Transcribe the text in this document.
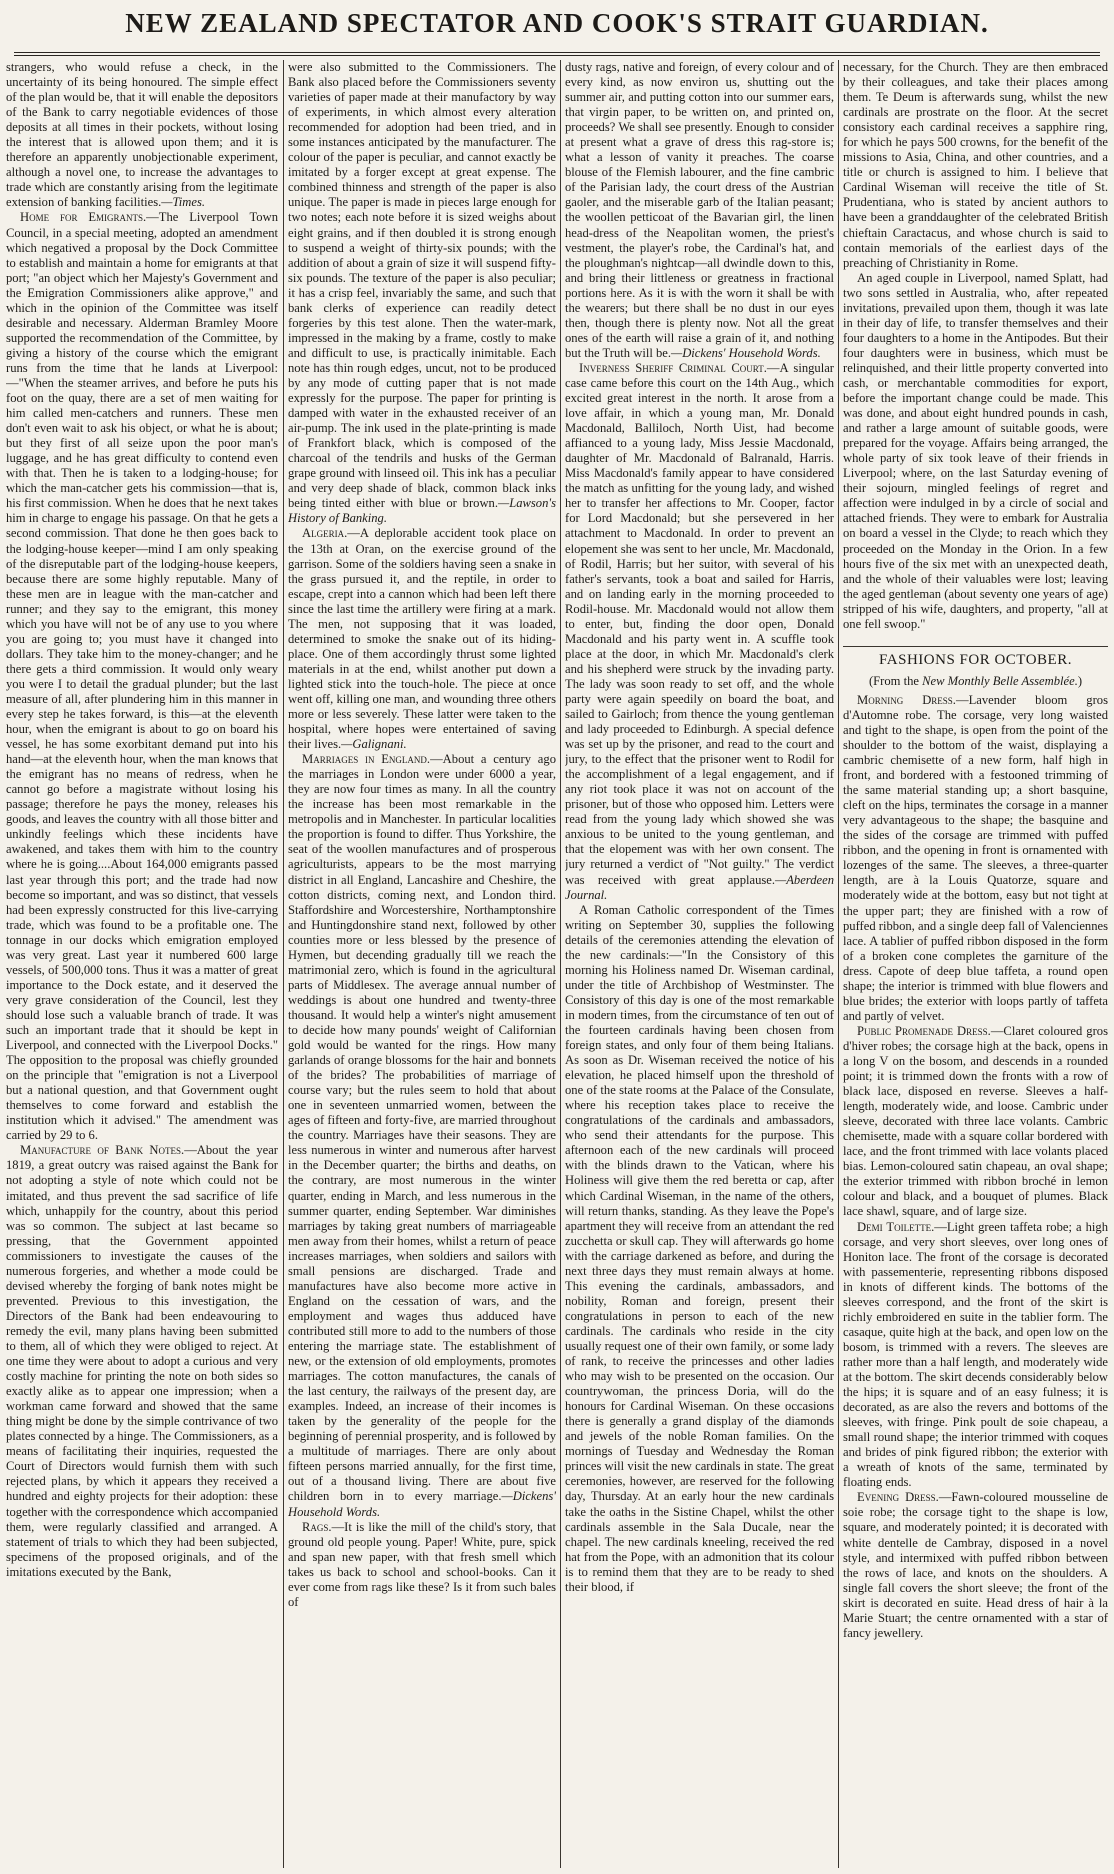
NEW ZEALAND SPECTATOR AND COOK'S STRAIT GUARDIAN.

strangers, who would refuse a check, in the uncertainty of its being honoured. The simple effect of the plan would be, that it will enable the depositors of the Bank to carry negotiable evidences of those deposits at all times in their pockets, without losing the interest that is allowed upon them; and it is therefore an apparently unobjectionable experiment, although a novel one, to increase the advantages to trade which are constantly arising from the legitimate extension of banking facilities.—Times.

Home for Emigrants.—The Liverpool Town Council, in a special meeting, adopted an amendment which negatived a proposal by the Dock Committee to establish and maintain a home for emigrants at that port; "an object which her Majesty's Government and the Emigration Commissioners alike approve," and which in the opinion of the Committee was itself desirable and necessary. Alderman Bramley Moore supported the recommendation of the Committee, by giving a history of the course which the emigrant runs from the time that he lands at Liverpool:—"When the steamer arrives, and before he puts his foot on the quay, there are a set of men waiting for him called men-catchers and runners. These men don't even wait to ask his object, or what he is about; but they first of all seize upon the poor man's luggage, and he has great difficulty to contend even with that. Then he is taken to a lodging-house; for which the man-catcher gets his commission—that is, his first commission. When he does that he next takes him in charge to engage his passage. On that he gets a second commission. That done he then goes back to the lodging-house keeper—mind I am only speaking of the disreputable part of the lodging-house keepers, because there are some highly reputable. Many of these men are in league with the man-catcher and runner; and they say to the emigrant, this money which you have will not be of any use to you where you are going to; you must have it changed into dollars. They take him to the money-changer; and he there gets a third commission. It would only weary you were I to detail the gradual plunder; but the last measure of all, after plundering him in this manner in every step he takes forward, is this—at the eleventh hour, when the emigrant is about to go on board his vessel, he has some exorbitant demand put into his hand—at the eleventh hour, when the man knows that the emigrant has no means of redress, when he cannot go before a magistrate without losing his passage; therefore he pays the money, releases his goods, and leaves the country with all those bitter and unkindly feelings which these incidents have awakened, and takes them with him to the country where he is going....About 164,000 emigrants passed last year through this port; and the trade had now become so important, and was so distinct, that vessels had been expressly constructed for this live-carrying trade, which was found to be a profitable one. The tonnage in our docks which emigration employed was very great. Last year it numbered 600 large vessels, of 500,000 tons. Thus it was a matter of great importance to the Dock estate, and it deserved the very grave consideration of the Council, lest they should lose such a valuable branch of trade. It was such an important trade that it should be kept in Liverpool, and connected with the Liverpool Docks." The opposition to the proposal was chiefly grounded on the principle that "emigration is not a Liverpool but a national question, and that Government ought themselves to come forward and establish the institution which it advised." The amendment was carried by 29 to 6.

Manufacture of Bank Notes.—About the year 1819, a great outcry was raised against the Bank for not adopting a style of note which could not be imitated, and thus prevent the sad sacrifice of life which, unhappily for the country, about this period was so common. The subject at last became so pressing, that the Government appointed commissioners to investigate the causes of the numerous forgeries, and whether a mode could be devised whereby the forging of bank notes might be prevented. Previous to this investigation, the Directors of the Bank had been endeavouring to remedy the evil, many plans having been submitted to them, all of which they were obliged to reject. At one time they were about to adopt a curious and very costly machine for printing the note on both sides so exactly alike as to appear one impression; when a workman came forward and showed that the same thing might be done by the simple contrivance of two plates connected by a hinge. The Commissioners, as a means of facilitating their inquiries, requested the Court of Directors would furnish them with such rejected plans, by which it appears they received a hundred and eighty projects for their adoption: these together with the correspondence which accompanied them, were regularly classified and arranged. A statement of trials to which they had been subjected, specimens of the proposed originals, and of the imitations executed by the Bank,

were also submitted to the Commissioners. The Bank also placed before the Commissioners seventy varieties of paper made at their manufactory by way of experiments, in which almost every alteration recommended for adoption had been tried, and in some instances anticipated by the manufacturer. The colour of the paper is peculiar, and cannot exactly be imitated by a forger except at great expense. The combined thinness and strength of the paper is also unique. The paper is made in pieces large enough for two notes; each note before it is sized weighs about eight grains, and if then doubled it is strong enough to suspend a weight of thirty-six pounds; with the addition of about a grain of size it will suspend fifty-six pounds. The texture of the paper is also peculiar; it has a crisp feel, invariably the same, and such that bank clerks of experience can readily detect forgeries by this test alone. Then the water-mark, impressed in the making by a frame, costly to make and difficult to use, is practically inimitable. Each note has thin rough edges, uncut, not to be produced by any mode of cutting paper that is not made expressly for the purpose. The paper for printing is damped with water in the exhausted receiver of an air-pump. The ink used in the plate-printing is made of Frankfort black, which is composed of the charcoal of the tendrils and husks of the German grape ground with linseed oil. This ink has a peculiar and very deep shade of black, common black inks being tinted either with blue or brown.—Lawson's History of Banking.

Algeria.—A deplorable accident took place on the 13th at Oran, on the exercise ground of the garrison. Some of the soldiers having seen a snake in the grass pursued it, and the reptile, in order to escape, crept into a cannon which had been left there since the last time the artillery were firing at a mark. The men, not supposing that it was loaded, determined to smoke the snake out of its hiding-place. One of them accordingly thrust some lighted materials in at the end, whilst another put down a lighted stick into the touch-hole. The piece at once went off, killing one man, and wounding three others more or less severely. These latter were taken to the hospital, where hopes were entertained of saving their lives.—Galignani.

Marriages in England.—About a century ago the marriages in London were under 6000 a year, they are now four times as many. In all the country the increase has been most remarkable in the metropolis and in Manchester. In particular localities the proportion is found to differ. Thus Yorkshire, the seat of the woollen manufactures and of prosperous agriculturists, appears to be the most marrying district in all England, Lancashire and Cheshire, the cotton districts, coming next, and London third. Staffordshire and Worcestershire, Northamptonshire and Huntingdonshire stand next, followed by other counties more or less blessed by the presence of Hymen, but decending gradually till we reach the matrimonial zero, which is found in the agricultural parts of Middlesex. The average annual number of weddings is about one hundred and twenty-three thousand. It would help a winter's night amusement to decide how many pounds' weight of Californian gold would be wanted for the rings. How many garlands of orange blossoms for the hair and bonnets of the brides? The probabilities of marriage of course vary; but the rules seem to hold that about one in seventeen unmarried women, between the ages of fifteen and forty-five, are married throughout the country. Marriages have their seasons. They are less numerous in winter and numerous after harvest in the December quarter; the births and deaths, on the contrary, are most numerous in the winter quarter, ending in March, and less numerous in the summer quarter, ending September. War diminishes marriages by taking great numbers of marriageable men away from their homes, whilst a return of peace increases marriages, when soldiers and sailors with small pensions are discharged. Trade and manufactures have also become more active in England on the cessation of wars, and the employment and wages thus adduced have contributed still more to add to the numbers of those entering the marriage state. The establishment of new, or the extension of old employments, promotes marriages. The cotton manufactures, the canals of the last century, the railways of the present day, are examples. Indeed, an increase of their incomes is taken by the generality of the people for the beginning of perennial prosperity, and is followed by a multitude of marriages. There are only about fifteen persons married annually, for the first time, out of a thousand living. There are about five children born in to every marriage.—Dickens' Household Words.

Rags.—It is like the mill of the child's story, that ground old people young. Paper! White, pure, spick and span new paper, with that fresh smell which takes us back to school and school-books. Can it ever come from rags like these? Is it from such bales of

dusty rags, native and foreign, of every colour and of every kind, as now environ us, shutting out the summer air, and putting cotton into our summer ears, that virgin paper, to be written on, and printed on, proceeds? We shall see presently. Enough to consider at present what a grave of dress this rag-store is; what a lesson of vanity it preaches. The coarse blouse of the Flemish labourer, and the fine cambric of the Parisian lady, the court dress of the Austrian gaoler, and the miserable garb of the Italian peasant; the woollen petticoat of the Bavarian girl, the linen head-dress of the Neapolitan women, the priest's vestment, the player's robe, the Cardinal's hat, and the ploughman's nightcap—all dwindle down to this, and bring their littleness or greatness in fractional portions here. As it is with the worn it shall be with the wearers; but there shall be no dust in our eyes then, though there is plenty now. Not all the great ones of the earth will raise a grain of it, and nothing but the Truth will be.—Dickens' Household Words.

Inverness Sheriff Criminal Court.—A singular case came before this court on the 14th Aug., which excited great interest in the north. It arose from a love affair, in which a young man, Mr. Donald Macdonald, Balliloch, North Uist, had become affianced to a young lady, Miss Jessie Macdonald, daughter of Mr. Macdonald of Balranald, Harris. Miss Macdonald's family appear to have considered the match as unfitting for the young lady, and wished her to transfer her affections to Mr. Cooper, factor for Lord Macdonald; but she persevered in her attachment to Macdonald. In order to prevent an elopement she was sent to her uncle, Mr. Macdonald, of Rodil, Harris; but her suitor, with several of his father's servants, took a boat and sailed for Harris, and on landing early in the morning proceeded to Rodil-house. Mr. Macdonald would not allow them to enter, but, finding the door open, Donald Macdonald and his party went in. A scuffle took place at the door, in which Mr. Macdonald's clerk and his shepherd were struck by the invading party. The lady was soon ready to set off, and the whole party were again speedily on board the boat, and sailed to Gairloch; from thence the young gentleman and lady proceeded to Edinburgh. A special defence was set up by the prisoner, and read to the court and jury, to the effect that the prisoner went to Rodil for the accomplishment of a legal engagement, and if any riot took place it was not on account of the prisoner, but of those who opposed him. Letters were read from the young lady which showed she was anxious to be united to the young gentleman, and that the elopement was with her own consent. The jury returned a verdict of "Not guilty." The verdict was received with great applause.—Aberdeen Journal.

A Roman Catholic correspondent of the Times writing on September 30, supplies the following details of the ceremonies attending the elevation of the new cardinals:—"In the Consistory of this morning his Holiness named Dr. Wiseman cardinal, under the title of Archbishop of Westminster. The Consistory of this day is one of the most remarkable in modern times, from the circumstance of ten out of the fourteen cardinals having been chosen from foreign states, and only four of them being Italians. As soon as Dr. Wiseman received the notice of his elevation, he placed himself upon the threshold of one of the state rooms at the Palace of the Consulate, where his reception takes place to receive the congratulations of the cardinals and ambassadors, who send their attendants for the purpose. This afternoon each of the new cardinals will proceed with the blinds drawn to the Vatican, where his Holiness will give them the red beretta or cap, after which Cardinal Wiseman, in the name of the others, will return thanks, standing. As they leave the Pope's apartment they will receive from an attendant the red zucchetta or skull cap. They will afterwards go home with the carriage darkened as before, and during the next three days they must remain always at home. This evening the cardinals, ambassadors, and nobility, Roman and foreign, present their congratulations in person to each of the new cardinals. The cardinals who reside in the city usually request one of their own family, or some lady of rank, to receive the princesses and other ladies who may wish to be presented on the occasion. Our countrywoman, the princess Doria, will do the honours for Cardinal Wiseman. On these occasions there is generally a grand display of the diamonds and jewels of the noble Roman families. On the mornings of Tuesday and Wednesday the Roman princes will visit the new cardinals in state. The great ceremonies, however, are reserved for the following day, Thursday. At an early hour the new cardinals take the oaths in the Sistine Chapel, whilst the other cardinals assemble in the Sala Ducale, near the chapel. The new cardinals kneeling, received the red hat from the Pope, with an admonition that its colour is to remind them that they are to be ready to shed their blood, if

necessary, for the Church. They are then embraced by their colleagues, and take their places among them. Te Deum is afterwards sung, whilst the new cardinals are prostrate on the floor. At the secret consistory each cardinal receives a sapphire ring, for which he pays 500 crowns, for the benefit of the missions to Asia, China, and other countries, and a title or church is assigned to him. I believe that Cardinal Wiseman will receive the title of St. Prudentiana, who is stated by ancient authors to have been a granddaughter of the celebrated British chieftain Caractacus, and whose church is said to contain memorials of the earliest days of the preaching of Christianity in Rome.

An aged couple in Liverpool, named Splatt, had two sons settled in Australia, who, after repeated invitations, prevailed upon them, though it was late in their day of life, to transfer themselves and their four daughters to a home in the Antipodes. But their four daughters were in business, which must be relinquished, and their little property converted into cash, or merchantable commodities for export, before the important change could be made. This was done, and about eight hundred pounds in cash, and rather a large amount of suitable goods, were prepared for the voyage. Affairs being arranged, the whole party of six took leave of their friends in Liverpool; where, on the last Saturday evening of their sojourn, mingled feelings of regret and affection were indulged in by a circle of social and attached friends. They were to embark for Australia on board a vessel in the Clyde; to reach which they proceeded on the Monday in the Orion. In a few hours five of the six met with an unexpected death, and the whole of their valuables were lost; leaving the aged gentleman (about seventy one years of age) stripped of his wife, daughters, and property, "all at one fell swoop."

FASHIONS FOR OCTOBER.
(From the New Monthly Belle Assemblée.)

Morning Dress.—Lavender bloom gros d'Automne robe. The corsage, very long waisted and tight to the shape, is open from the point of the shoulder to the bottom of the waist, displaying a cambric chemisette of a new form, half high in front, and bordered with a festooned trimming of the same material standing up; a short basquine, cleft on the hips, terminates the corsage in a manner very advantageous to the shape; the basquine and the sides of the corsage are trimmed with puffed ribbon, and the opening in front is ornamented with lozenges of the same. The sleeves, a three-quarter length, are à la Louis Quatorze, square and moderately wide at the bottom, easy but not tight at the upper part; they are finished with a row of puffed ribbon, and a single deep fall of Valenciennes lace. A tablier of puffed ribbon disposed in the form of a broken cone completes the garniture of the dress. Capote of deep blue taffeta, a round open shape; the interior is trimmed with blue flowers and blue brides; the exterior with loops partly of taffeta and partly of velvet.

Public Promenade Dress.—Claret coloured gros d'hiver robes; the corsage high at the back, opens in a long V on the bosom, and descends in a rounded point; it is trimmed down the fronts with a row of black lace, disposed en reverse. Sleeves a half-length, moderately wide, and loose. Cambric under sleeve, decorated with three lace volants. Cambric chemisette, made with a square collar bordered with lace, and the front trimmed with lace volants placed bias. Lemon-coloured satin chapeau, an oval shape; the exterior trimmed with ribbon broché in lemon colour and black, and a bouquet of plumes. Black lace shawl, square, and of large size.

Demi Toilette.—Light green taffeta robe; a high corsage, and very short sleeves, over long ones of Honiton lace. The front of the corsage is decorated with passementerie, representing ribbons disposed in knots of different kinds. The bottoms of the sleeves correspond, and the front of the skirt is richly embroidered en suite in the tablier form. The casaque, quite high at the back, and open low on the bosom, is trimmed with a revers. The sleeves are rather more than a half length, and moderately wide at the bottom. The skirt decends considerably below the hips; it is square and of an easy fulness; it is decorated, as are also the revers and bottoms of the sleeves, with fringe. Pink poult de soie chapeau, a small round shape; the interior trimmed with coques and brides of pink figured ribbon; the exterior with a wreath of knots of the same, terminated by floating ends.

Evening Dress.—Fawn-coloured mousseline de soie robe; the corsage tight to the shape is low, square, and moderately pointed; it is decorated with white dentelle de Cambray, disposed in a novel style, and intermixed with puffed ribbon between the rows of lace, and knots on the shoulders. A single fall covers the short sleeve; the front of the skirt is decorated en suite. Head dress of hair à la Marie Stuart; the centre ornamented with a star of fancy jewellery.
